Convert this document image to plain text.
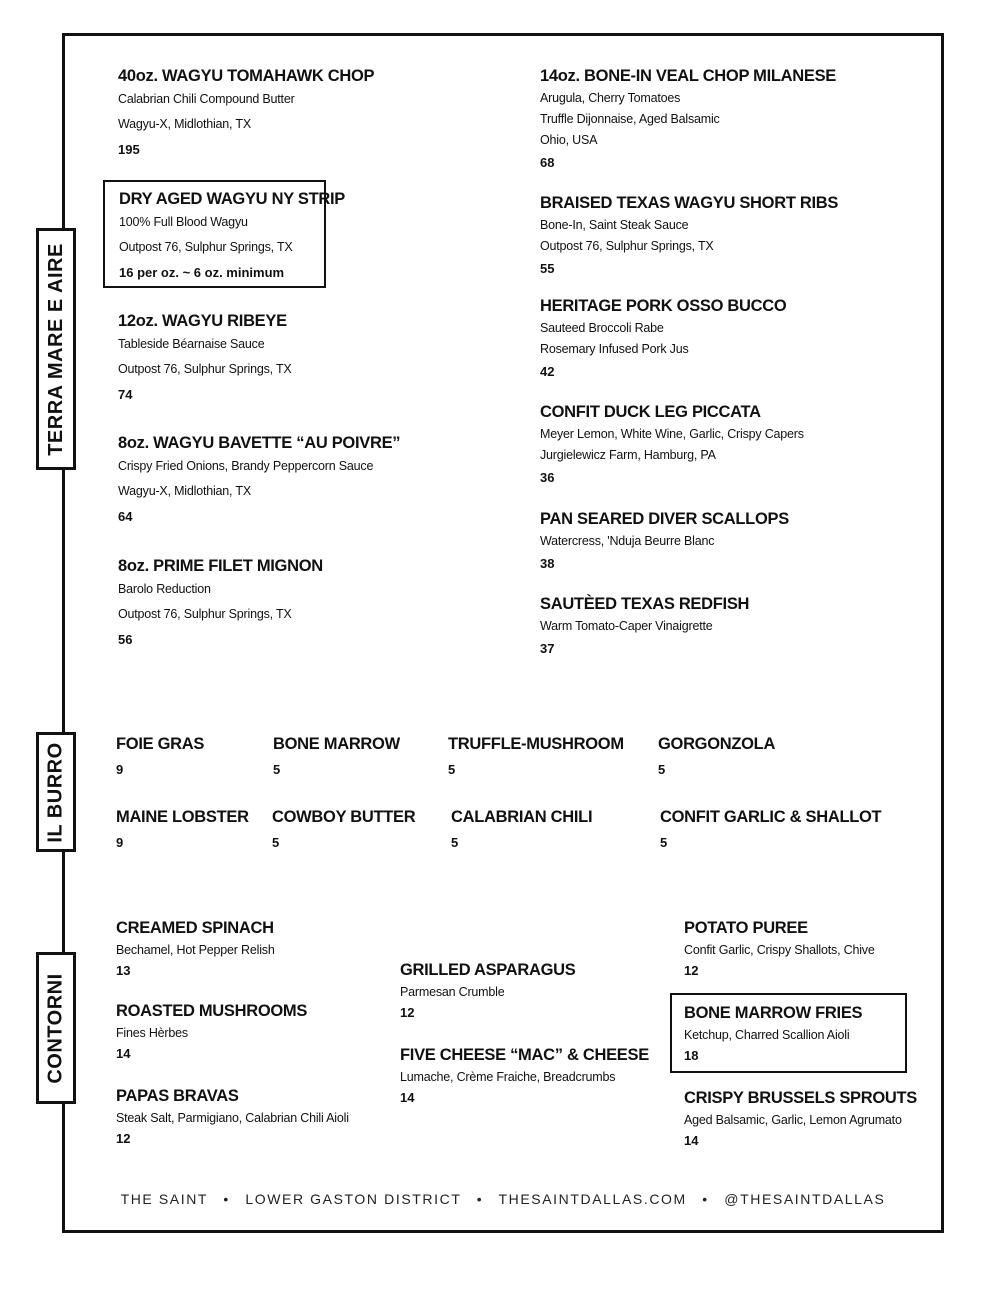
TERRA MARE E AIRE
IL BURRO
CONTORNI
40oz. WAGYU TOMAHAWK CHOP
Calabrian Chili Compound Butter
Wagyu-X, Midlothian, TX
195
DRY AGED WAGYU NY STRIP
100% Full Blood Wagyu
Outpost 76, Sulphur Springs, TX
16 per oz. ~ 6 oz. minimum
12oz. WAGYU RIBEYE
Tableside Béarnaise Sauce
Outpost 76, Sulphur Springs, TX
74
8oz. WAGYU BAVETTE “AU POIVRE”
Crispy Fried Onions, Brandy Peppercorn Sauce
Wagyu-X, Midlothian, TX
64
8oz. PRIME FILET MIGNON
Barolo Reduction
Outpost 76, Sulphur Springs, TX
56
14oz. BONE-IN VEAL CHOP MILANESE
Arugula, Cherry Tomatoes
Truffle Dijonnaise, Aged Balsamic
Ohio, USA
68
BRAISED TEXAS WAGYU SHORT RIBS
Bone-In, Saint Steak Sauce
Outpost 76, Sulphur Springs, TX
55
HERITAGE PORK OSSO BUCCO
Sauteed Broccoli Rabe
Rosemary Infused Pork Jus
42
CONFIT DUCK LEG PICCATA
Meyer Lemon, White Wine, Garlic, Crispy Capers
Jurgielewicz Farm, Hamburg, PA
36
PAN SEARED DIVER SCALLOPS
Watercress, 'Nduja Beurre Blanc
38
SAUTÈED TEXAS REDFISH
Warm Tomato-Caper Vinaigrette
37
FOIE GRAS
9
BONE MARROW
5
TRUFFLE-MUSHROOM
5
GORGONZOLA
5
MAINE LOBSTER
9
COWBOY BUTTER
5
CALABRIAN CHILI
5
CONFIT GARLIC & SHALLOT
5
CREAMED SPINACH
Bechamel, Hot Pepper Relish
13
ROASTED MUSHROOMS
Fines Hèrbes
14
PAPAS BRAVAS
Steak Salt, Parmigiano, Calabrian Chili Aioli
12
GRILLED ASPARAGUS
Parmesan Crumble
12
FIVE CHEESE “MAC” & CHEESE
Lumache, Crème Fraiche, Breadcrumbs
14
POTATO PUREE
Confit Garlic, Crispy Shallots, Chive
12
BONE MARROW FRIES
Ketchup, Charred Scallion Aioli
18
CRISPY BRUSSELS SPROUTS
Aged Balsamic, Garlic, Lemon Agrumato
14
THE SAINT • LOWER GASTON DISTRICT • THESAINTDALLAS.COM • @THESAINTDALLAS
